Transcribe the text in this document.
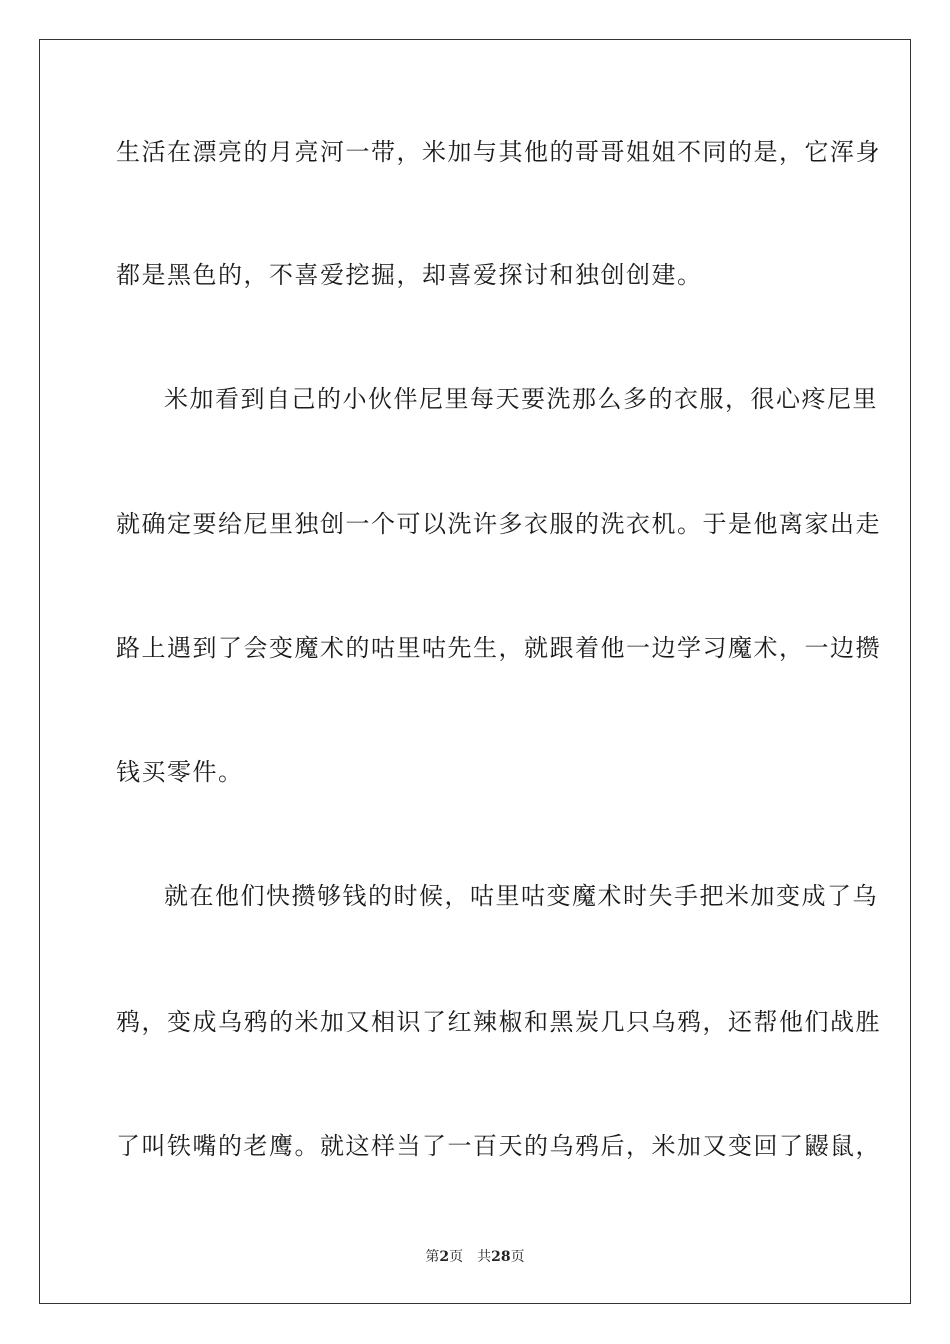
生活在漂亮的月亮河一带，米加与其他的哥哥姐姐不同的是，它浑身
都是黑色的，不喜爱挖掘，却喜爱探讨和独创创建。
米加看到自己的小伙伴尼里每天要洗那么多的衣服，很心疼尼里
就确定要给尼里独创一个可以洗许多衣服的洗衣机。于是他离家出走
路上遇到了会变魔术的咕里咕先生，就跟着他一边学习魔术，一边攒
钱买零件。
就在他们快攒够钱的时候，咕里咕变魔术时失手把米加变成了乌
鸦，变成乌鸦的米加又相识了红辣椒和黑炭几只乌鸦，还帮他们战胜
了叫铁嘴的老鹰。就这样当了一百天的乌鸦后，米加又变回了鼹鼠，
第2页 共28页
